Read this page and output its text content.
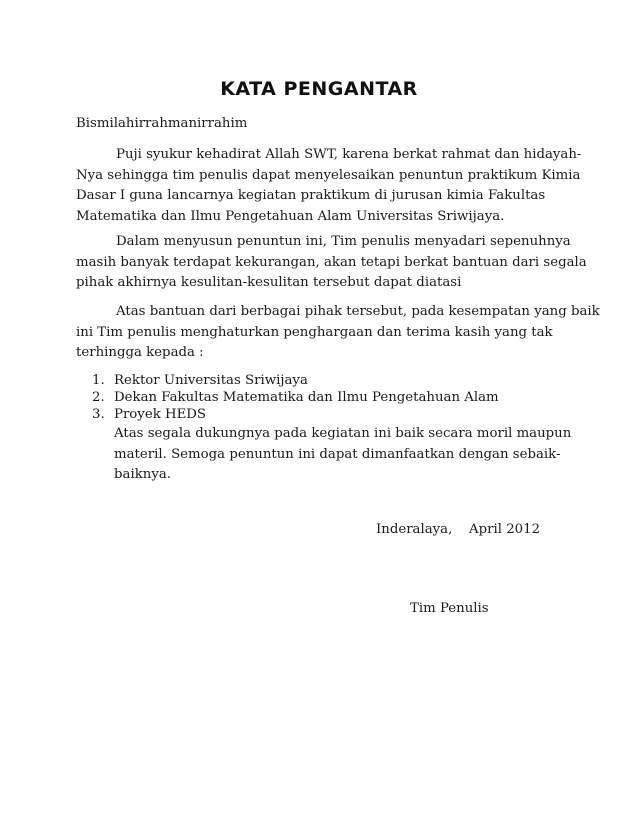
KATA PENGANTAR
Bismilahirrahmanirrahim
Puji syukur kehadirat Allah SWT, karena berkat rahmat dan hidayah-
Nya sehingga tim penulis dapat menyelesaikan penuntun praktikum Kimia
Dasar I guna lancarnya kegiatan praktikum di jurusan kimia Fakultas
Matematika dan Ilmu Pengetahuan Alam Universitas Sriwijaya.
Dalam menyusun penuntun ini, Tim penulis menyadari sepenuhnya
masih banyak terdapat kekurangan, akan tetapi berkat bantuan dari segala
pihak akhirnya kesulitan-kesulitan tersebut dapat diatasi
Atas bantuan dari berbagai pihak tersebut, pada kesempatan yang baik
ini Tim penulis menghaturkan penghargaan dan terima kasih yang tak
terhingga kepada :
1. Rektor Universitas Sriwijaya
2. Dekan Fakultas Matematika dan Ilmu Pengetahuan Alam
3. Proyek HEDS
Atas segala dukungnya pada kegiatan ini baik secara moril maupun
materil. Semoga penuntun ini dapat dimanfaatkan dengan sebaik-
baiknya.
Inderalaya, April 2012
Tim Penulis
